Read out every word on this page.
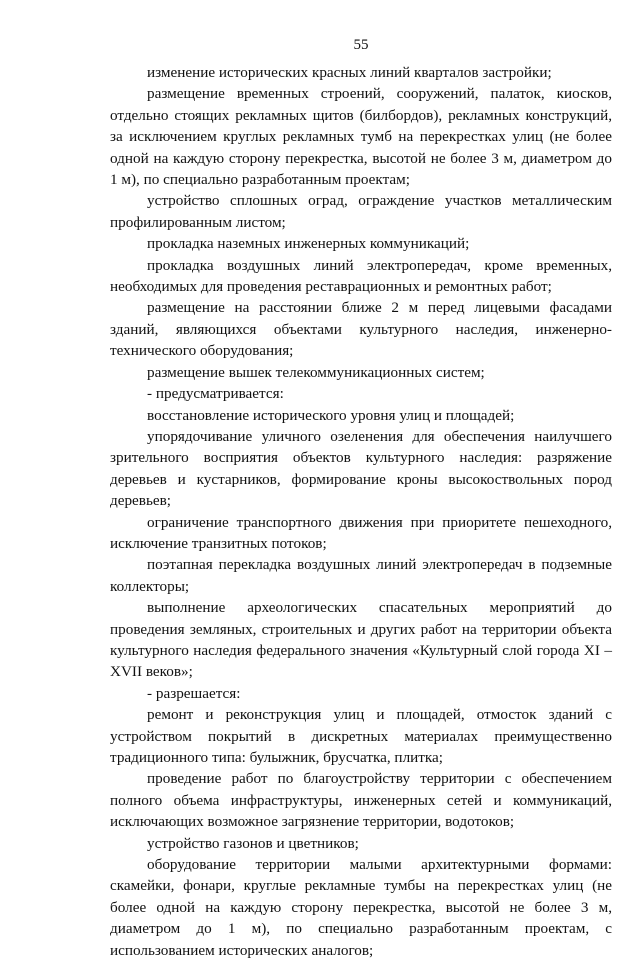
55

изменение исторических красных линий кварталов застройки;

размещение временных строений, сооружений, палаток, киосков, отдельно стоящих рекламных щитов (билбордов), рекламных конструкций, за исключением круглых рекламных тумб на перекрестках улиц (не более одной на каждую сторону перекрестка, высотой не более 3 м, диаметром до 1 м), по специально разработанным проектам;

устройство сплошных оград, ограждение участков металлическим профилированным листом;

прокладка наземных инженерных коммуникаций;

прокладка воздушных линий электропередач, кроме временных, необходимых для проведения реставрационных и ремонтных работ;

размещение на расстоянии ближе 2 м перед лицевыми фасадами зданий, являющихся объектами культурного наследия, инженерно-технического оборудования;

размещение вышек телекоммуникационных систем;

- предусматривается:

восстановление исторического уровня улиц и площадей;

упорядочивание уличного озеленения для обеспечения наилучшего зрительного восприятия объектов культурного наследия: разряжение деревьев и кустарников, формирование кроны высокоствольных пород деревьев;

ограничение транспортного движения при приоритете пешеходного, исключение транзитных потоков;

поэтапная перекладка воздушных линий электропередач в подземные коллекторы;

выполнение археологических спасательных мероприятий до проведения земляных, строительных и других работ на территории объекта культурного наследия федерального значения «Культурный слой города XI – XVII веков»;

- разрешается:

ремонт и реконструкция улиц и площадей, отмосток зданий с устройством покрытий в дискретных материалах преимущественно традиционного типа: булыжник, брусчатка, плитка;

проведение работ по благоустройству территории с обеспечением полного объема инфраструктуры, инженерных сетей и коммуникаций, исключающих возможное загрязнение территории, водотоков;

устройство газонов и цветников;

оборудование территории малыми архитектурными формами: скамейки, фонари, круглые рекламные тумбы на перекрестках улиц (не более одной на каждую сторону перекрестка, высотой не более 3 м, диаметром до 1 м), по специально разработанным проектам, с использованием исторических аналогов;
